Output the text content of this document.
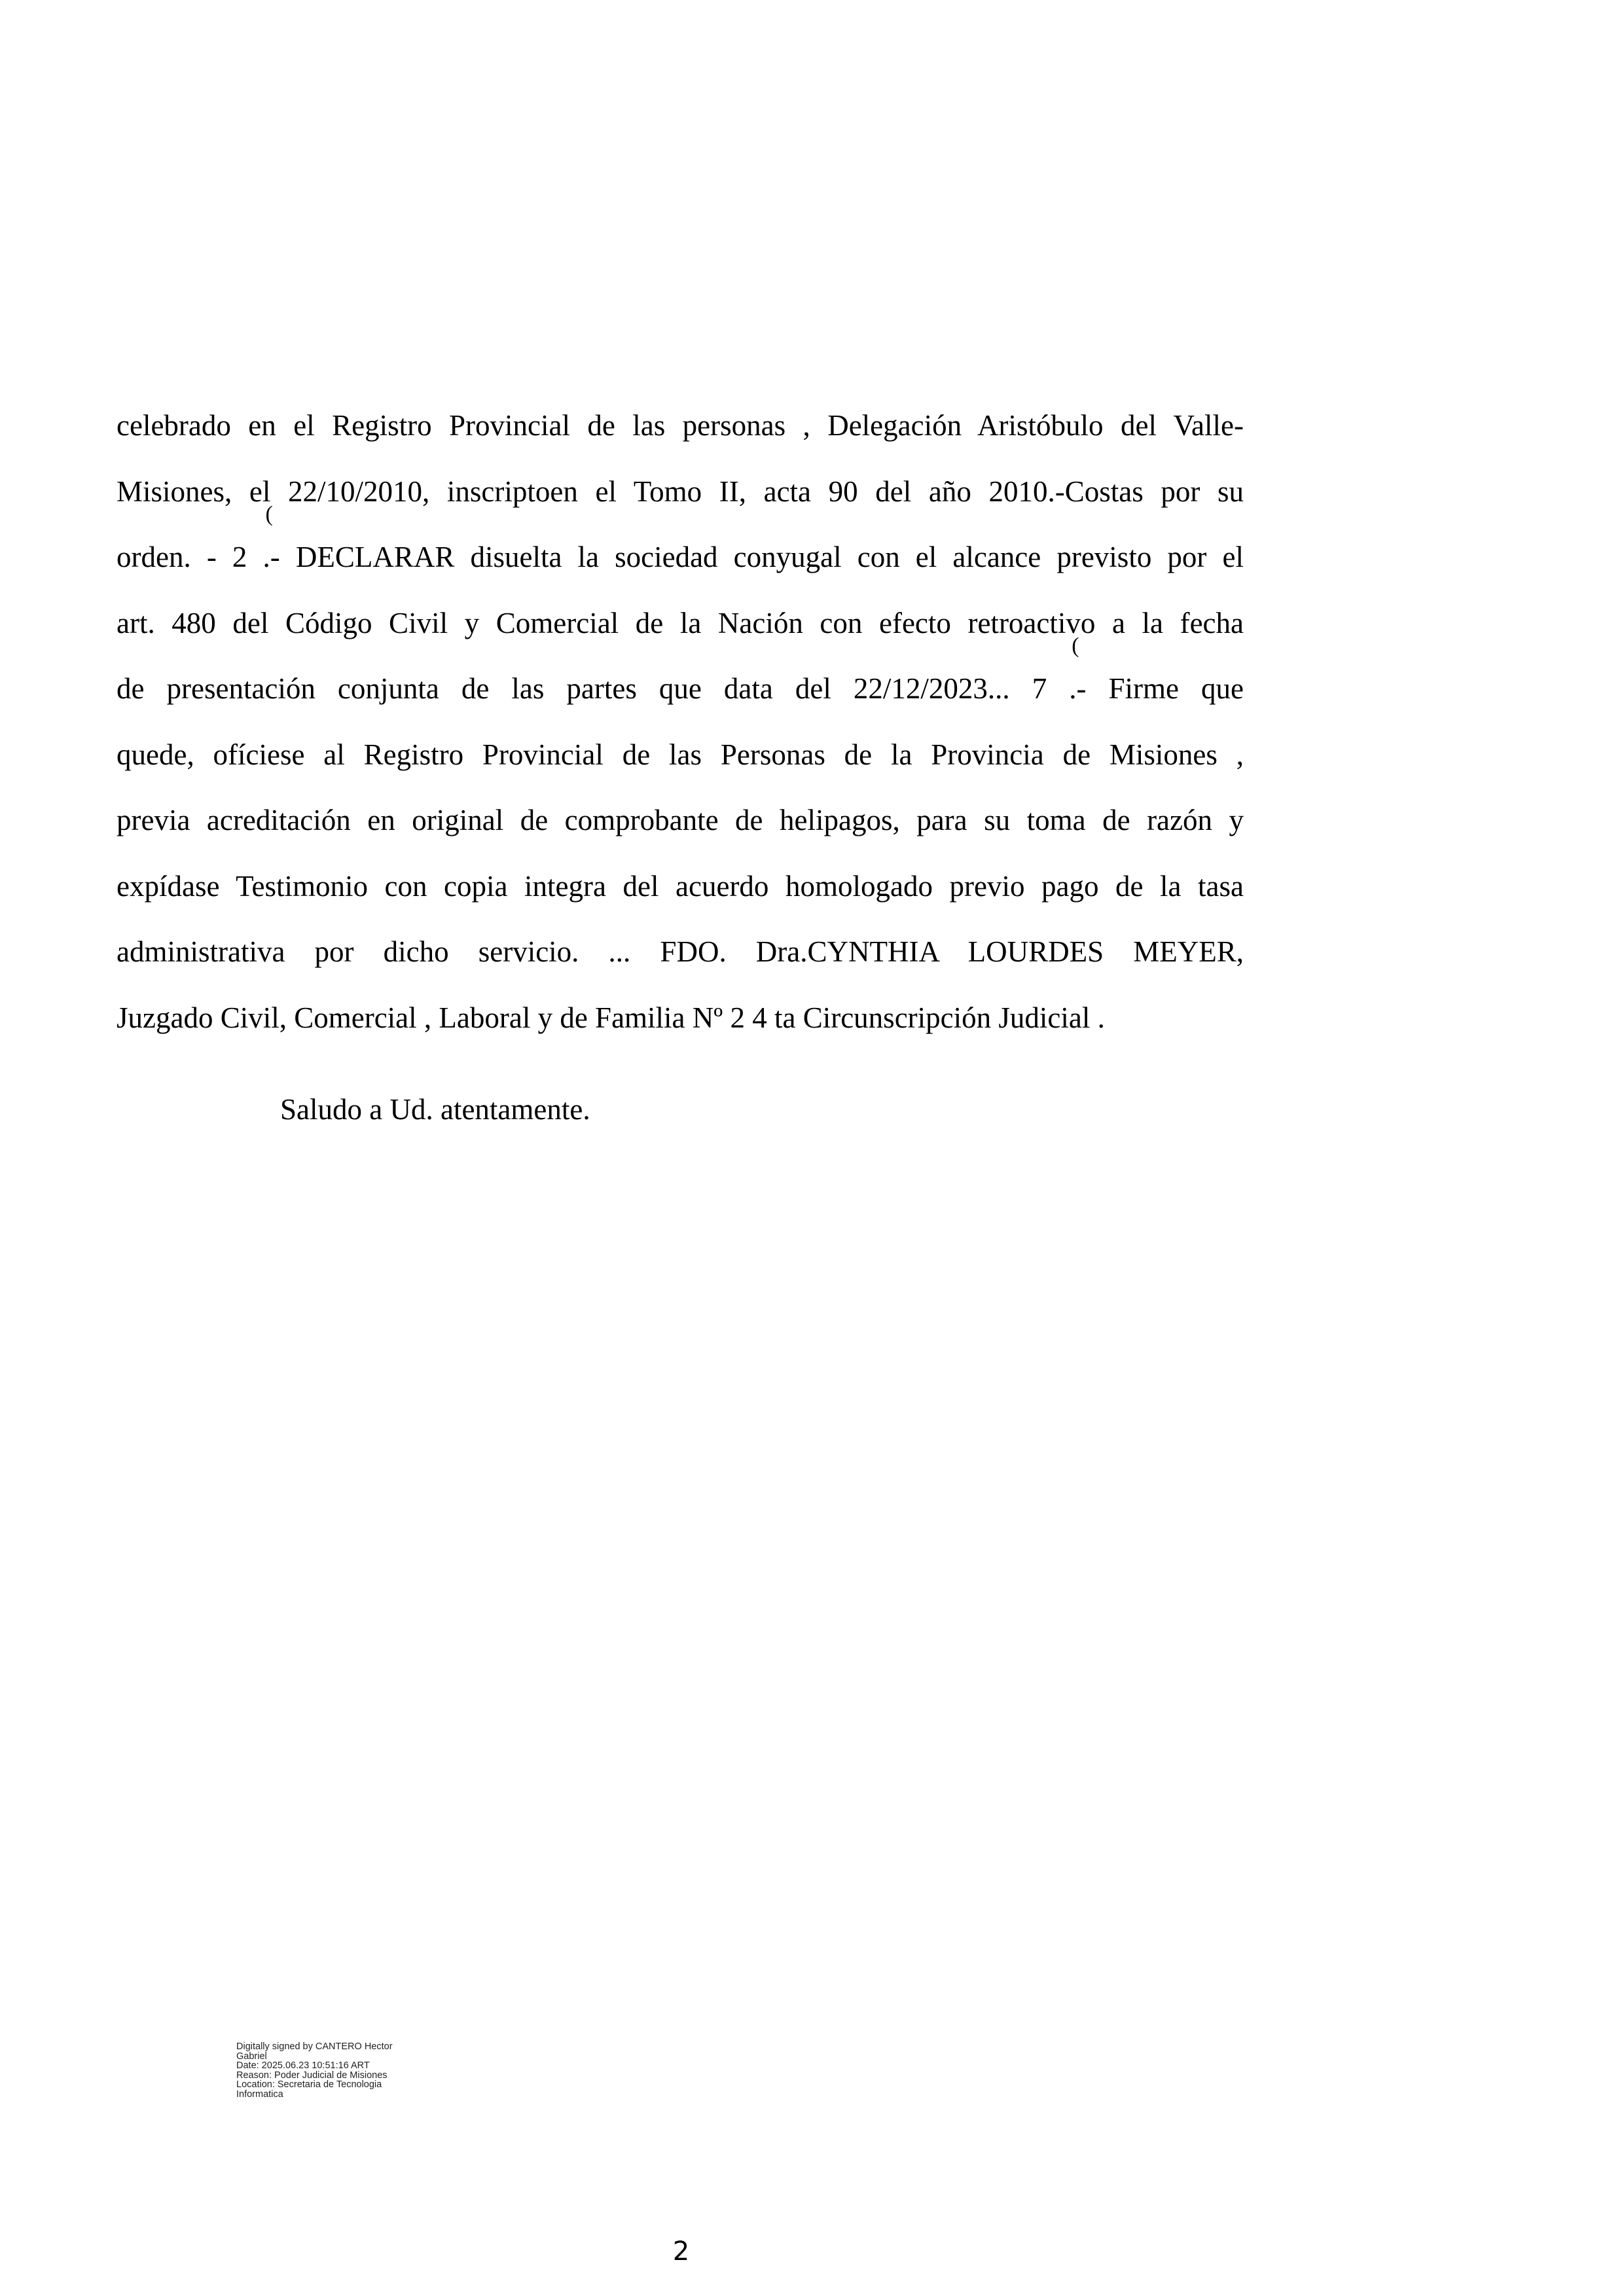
celebrado en el Registro Provincial de las personas , Delegación Aristóbulo del Valle-
Misiones, el 22/10/2010, inscriptoen el Tomo II, acta 90 del año 2010.-Costas por su
orden. - 2
(
.- DECLARAR disuelta la sociedad conyugal con el alcance previsto por el
art. 480 del Código Civil y Comercial de la Nación con efecto retroactivo a la fecha
de presentación conjunta de las partes que data del 22/12/2023... 7
(
.- Firme que
quede, ofíciese al Registro Provincial de las Personas de la Provincia de Misiones ,
previa acreditación en original de comprobante de helipagos, para su toma de razón y
expídase Testimonio con copia integra del acuerdo homologado previo pago de la tasa
administrativa por dicho servicio. ... FDO. Dra.CYNTHIA LOURDES MEYER,
Juzgado Civil, Comercial , Laboral y de Familia Nº 2 4 ta Circunscripción Judicial .
Saludo a Ud. atentamente.
Digitally signed by CANTERO Hector
Gabriel
Date: 2025.06.23 10:51:16 ART
Reason: Poder Judicial de Misiones
Location: Secretaria de Tecnologia
Informatica
2
